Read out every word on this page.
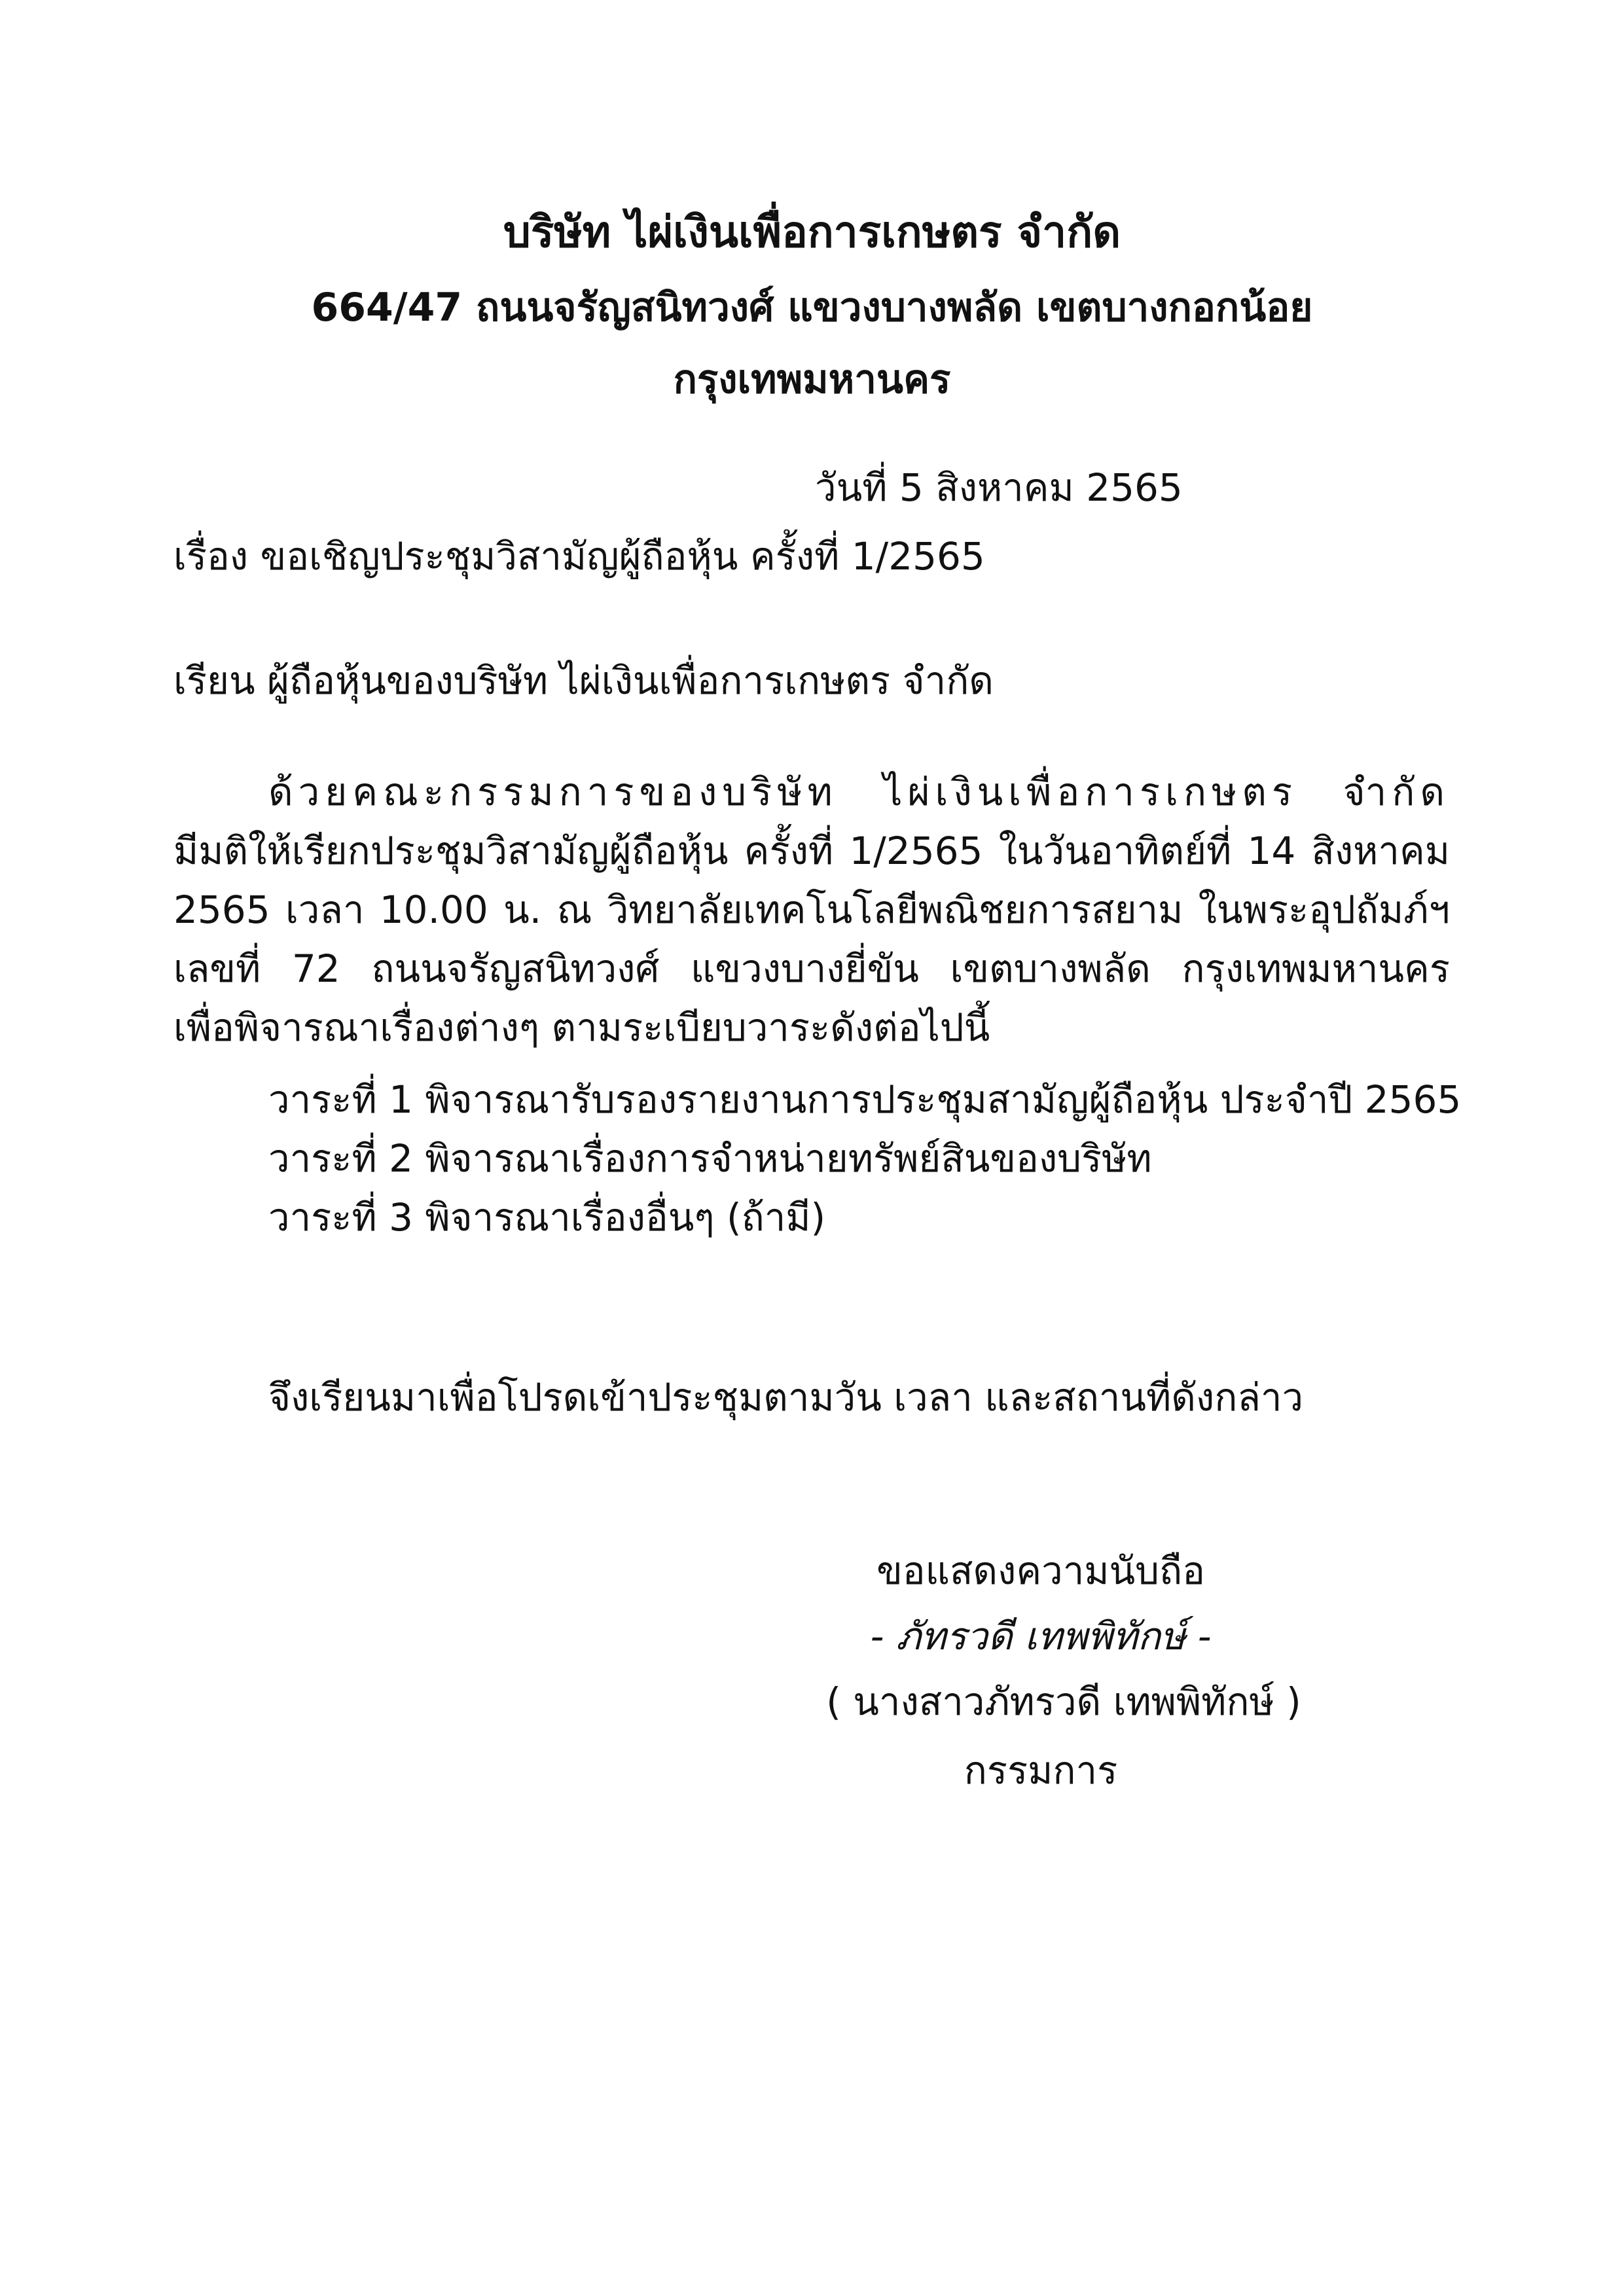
บริษัท ไผ่เงินเพื่อการเกษตร จำกัด
664/47 ถนนจรัญสนิทวงศ์ แขวงบางพลัด เขตบางกอกน้อย
กรุงเทพมหานคร
วันที่ 5 สิงหาคม 2565
เรื่อง ขอเชิญประชุมวิสามัญผู้ถือหุ้น ครั้งที่ 1/2565
เรียน ผู้ถือหุ้นของบริษัท ไผ่เงินเพื่อการเกษตร จำกัด
ด้วยคณะกรรมการของบริษัท ไผ่เงินเพื่อการเกษตร จำกัด
มีมติให้เรียกประชุมวิสามัญผู้ถือหุ้น ครั้งที่ 1/2565 ในวันอาทิตย์ที่ 14 สิงหาคม
2565 เวลา 10.00 น. ณ วิทยาลัยเทคโนโลยีพณิชยการสยาม ในพระอุปถัมภ์ฯ
เลขที่ 72 ถนนจรัญสนิทวงศ์ แขวงบางยี่ขัน เขตบางพลัด กรุงเทพมหานคร
เพื่อพิจารณาเรื่องต่างๆ ตามระเบียบวาระดังต่อไปนี้
วาระที่ 1 พิจารณารับรองรายงานการประชุมสามัญผู้ถือหุ้น ประจำปี 2565
วาระที่ 2 พิจารณาเรื่องการจำหน่ายทรัพย์สินของบริษัท
วาระที่ 3 พิจารณาเรื่องอื่นๆ (ถ้ามี)
จึงเรียนมาเพื่อโปรดเข้าประชุมตามวัน เวลา และสถานที่ดังกล่าว
ขอแสดงความนับถือ
- ภัทรวดี เทพพิทักษ์ -
( นางสาวภัทรวดี เทพพิทักษ์ )
กรรมการ
